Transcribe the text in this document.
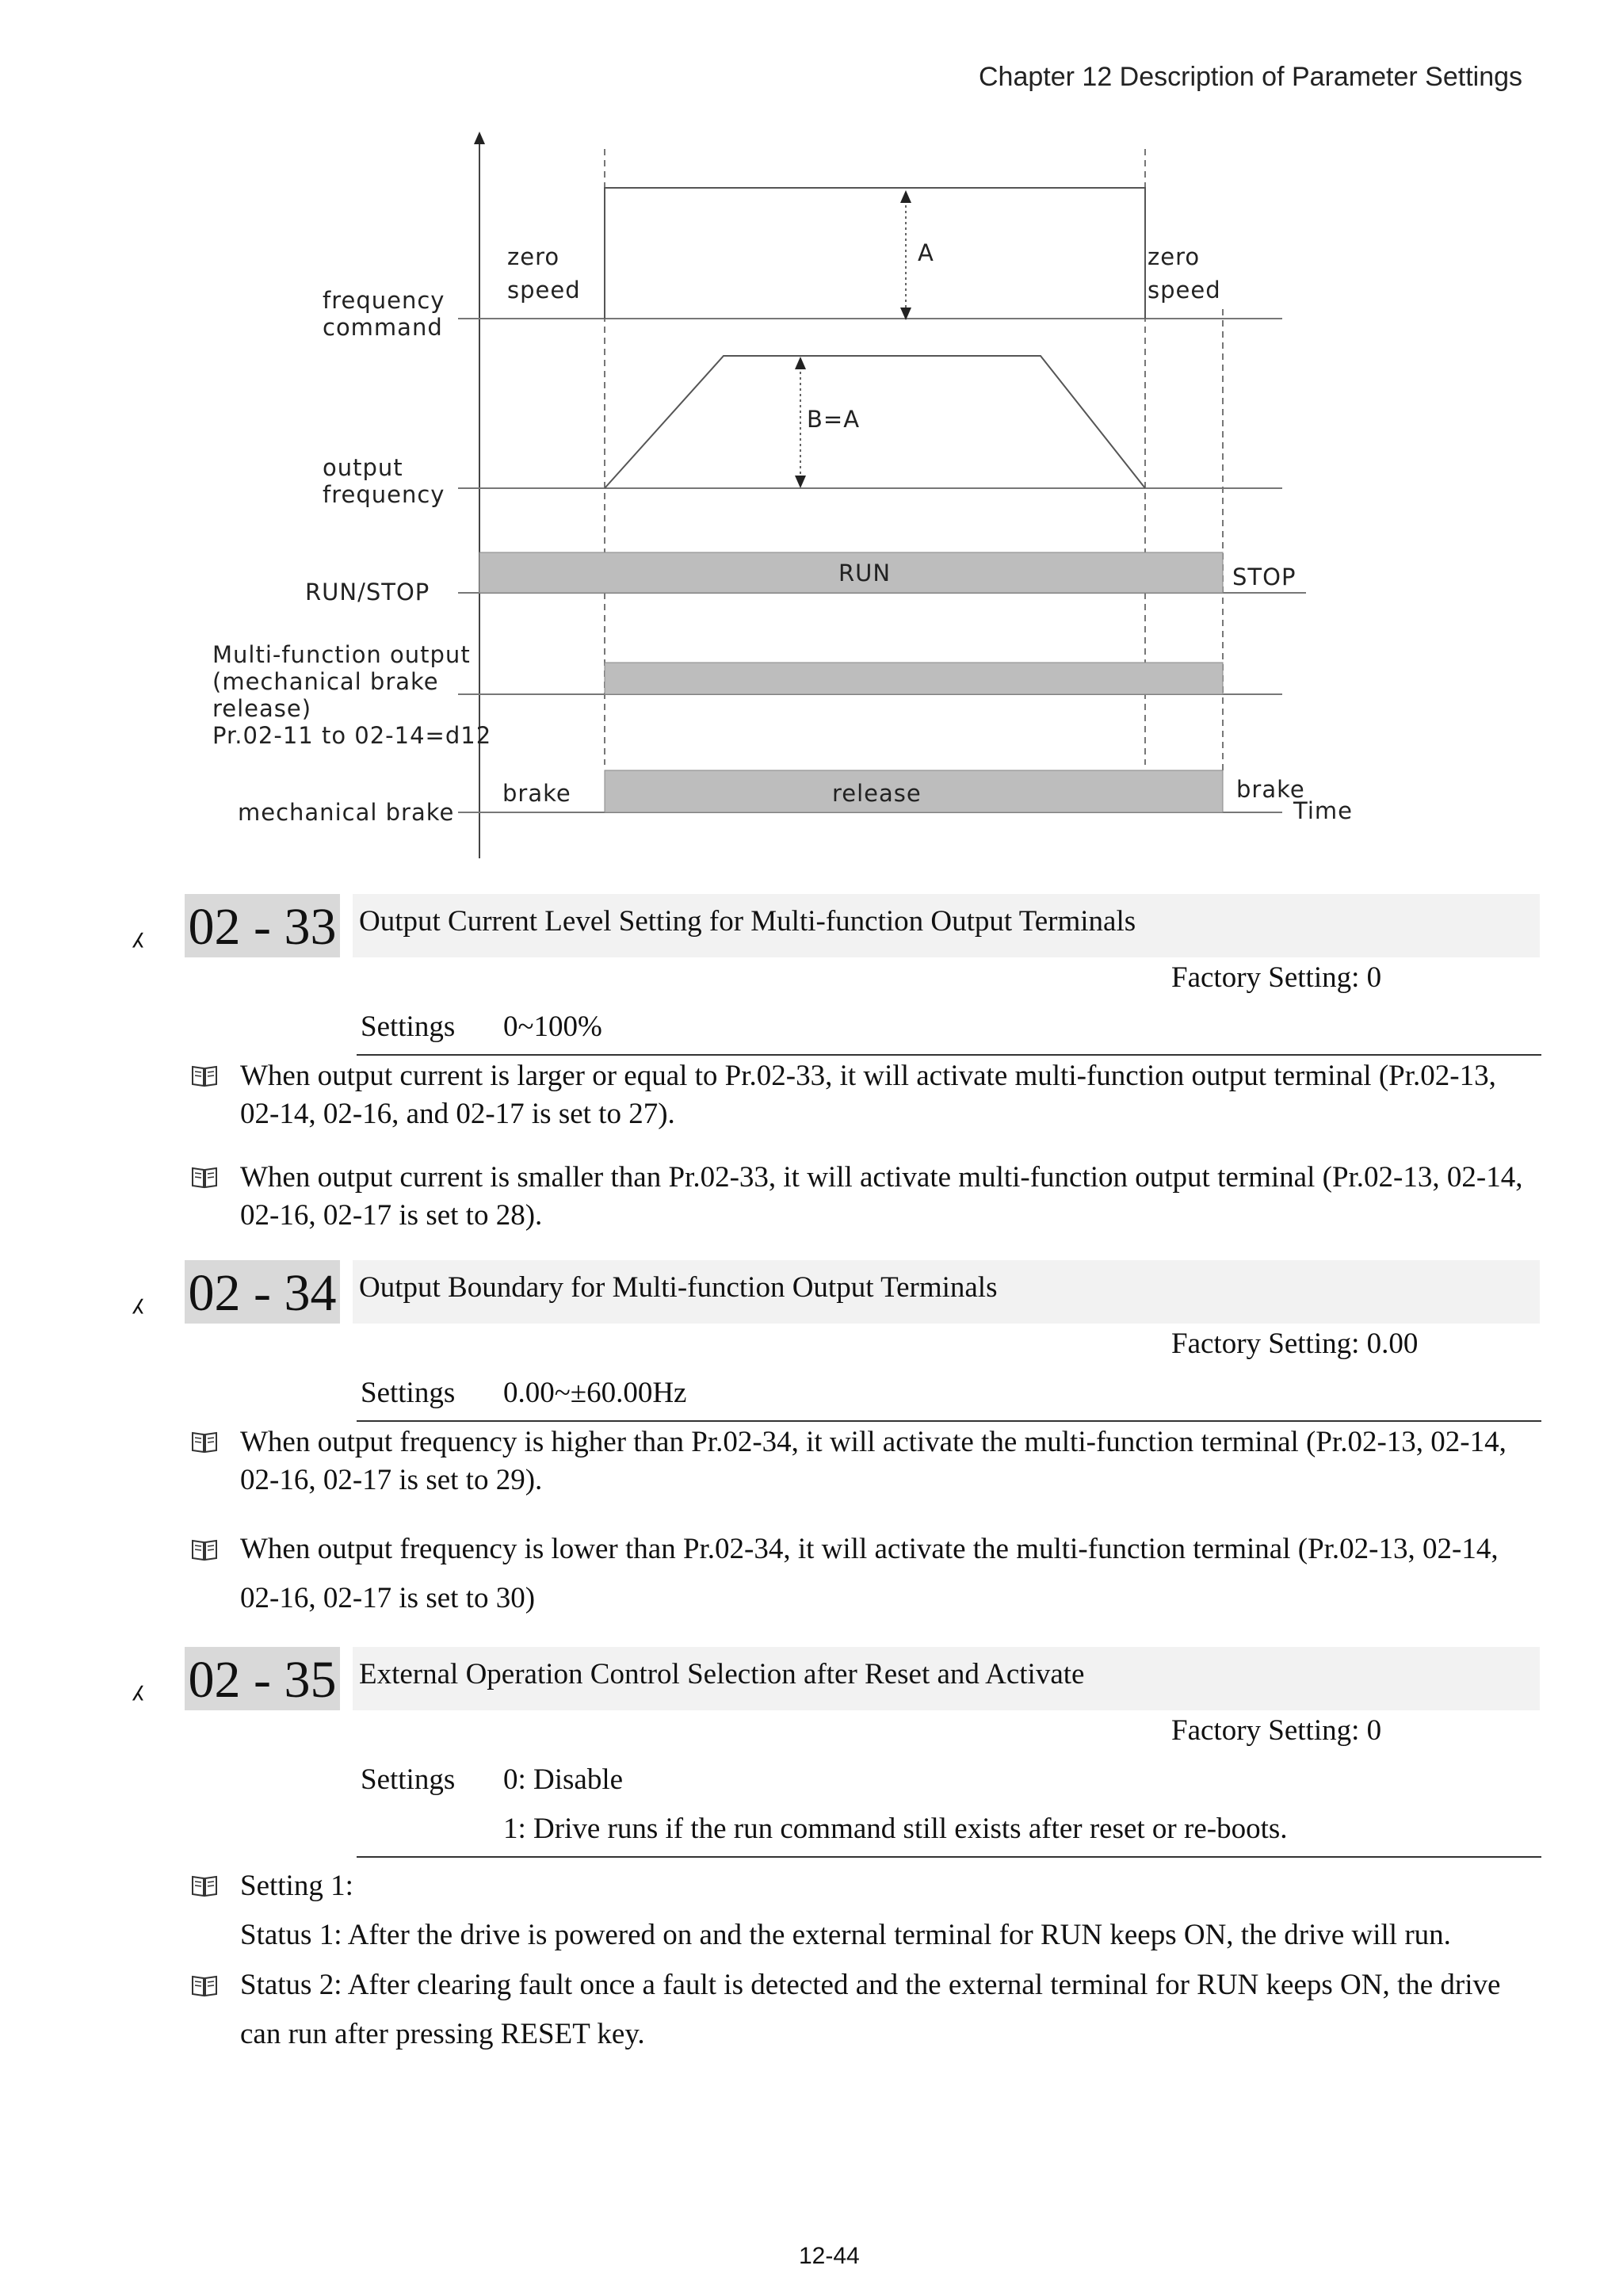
Chapter 12 Description of Parameter Settings
frequency
command
output
frequency
RUN/STOP
Multi-function output
(mechanical brake
release)
Pr.02-11 to 02-14=d12
mechanical brake
zero
speed
zero
speed
A
B=A
RUN	STOP
brake	release	brake
Time
⁁ 02 - 33 Output Current Level Setting for Multi-function Output Terminals
Factory Setting: 0
Settings 0~100%
When output current is larger or equal to Pr.02-33, it will activate multi-function output terminal (Pr.02-13, 02-14, 02-16, and 02-17 is set to 27).
When output current is smaller than Pr.02-33, it will activate multi-function output terminal (Pr.02-13, 02-14, 02-16, 02-17 is set to 28).
⁁ 02 - 34 Output Boundary for Multi-function Output Terminals
Factory Setting: 0.00
Settings 0.00~±60.00Hz
When output frequency is higher than Pr.02-34, it will activate the multi-function terminal (Pr.02-13, 02-14, 02-16, 02-17 is set to 29).
When output frequency is lower than Pr.02-34, it will activate the multi-function terminal (Pr.02-13, 02-14, 02-16, 02-17 is set to 30)
⁁ 02 - 35 External Operation Control Selection after Reset and Activate
Factory Setting: 0
Settings 0: Disable
1: Drive runs if the run command still exists after reset or re-boots.
Setting 1:
Status 1: After the drive is powered on and the external terminal for RUN keeps ON, the drive will run.
Status 2: After clearing fault once a fault is detected and the external terminal for RUN keeps ON, the drive can run after pressing RESET key.
12-44
